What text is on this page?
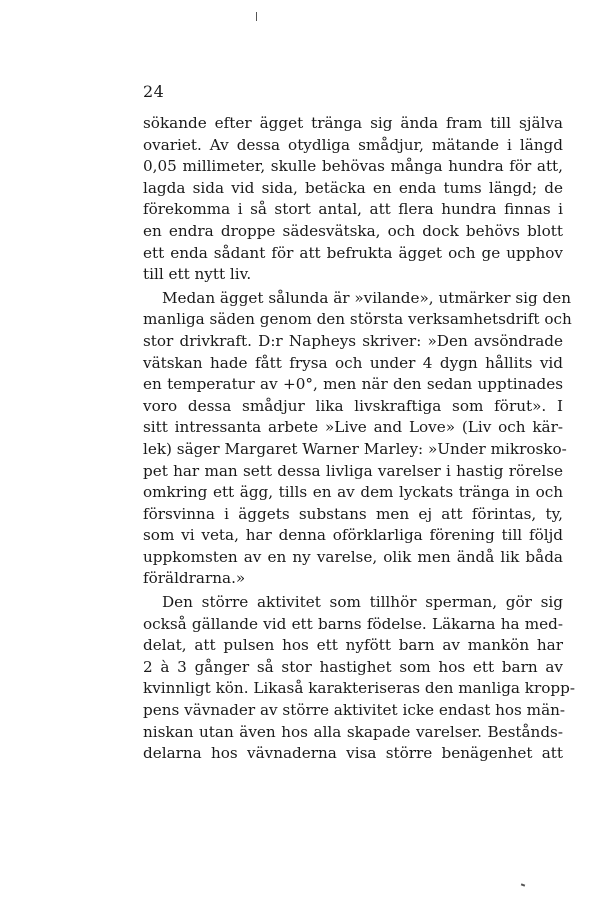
24
sökande efter ägget tränga sig ända fram till själva
ovariet. Av dessa otydliga smådjur, mätande i längd
0,05 millimeter, skulle behövas många hundra för att,
lagda sida vid sida, betäcka en enda tums längd; de
förekomma i så stort antal, att flera hundra finnas i
en endra droppe sädesvätska, och dock behövs blott
ett enda sådant för att befrukta ägget och ge upphov
till ett nytt liv.
Medan ägget sålunda är »vilande», utmärker sig den
manliga säden genom den största verksamhetsdrift och
stor drivkraft. D:r Napheys skriver: »Den avsöndrade
vätskan hade fått frysa och under 4 dygn hållits vid
en temperatur av +0°, men när den sedan upptinades
voro dessa smådjur lika livskraftiga som förut». I
sitt intressanta arbete »Live and Love» (Liv och kär-
lek) säger Margaret Warner Marley: »Under mikrosko-
pet har man sett dessa livliga varelser i hastig rörelse
omkring ett ägg, tills en av dem lyckats tränga in och
försvinna i äggets substans men ej att förintas, ty,
som vi veta, har denna oförklarliga förening till följd
uppkomsten av en ny varelse, olik men ändå lik båda
föräldrarna.»
Den större aktivitet som tillhör sperman, gör sig
också gällande vid ett barns födelse. Läkarna ha med-
delat, att pulsen hos ett nyfött barn av mankön har
2 à 3 gånger så stor hastighet som hos ett barn av
kvinnligt kön. Likaså karakteriseras den manliga kropp-
pens vävnader av större aktivitet icke endast hos män-
niskan utan även hos alla skapade varelser. Bestånds-
delarna hos vävnaderna visa större benägenhet att
